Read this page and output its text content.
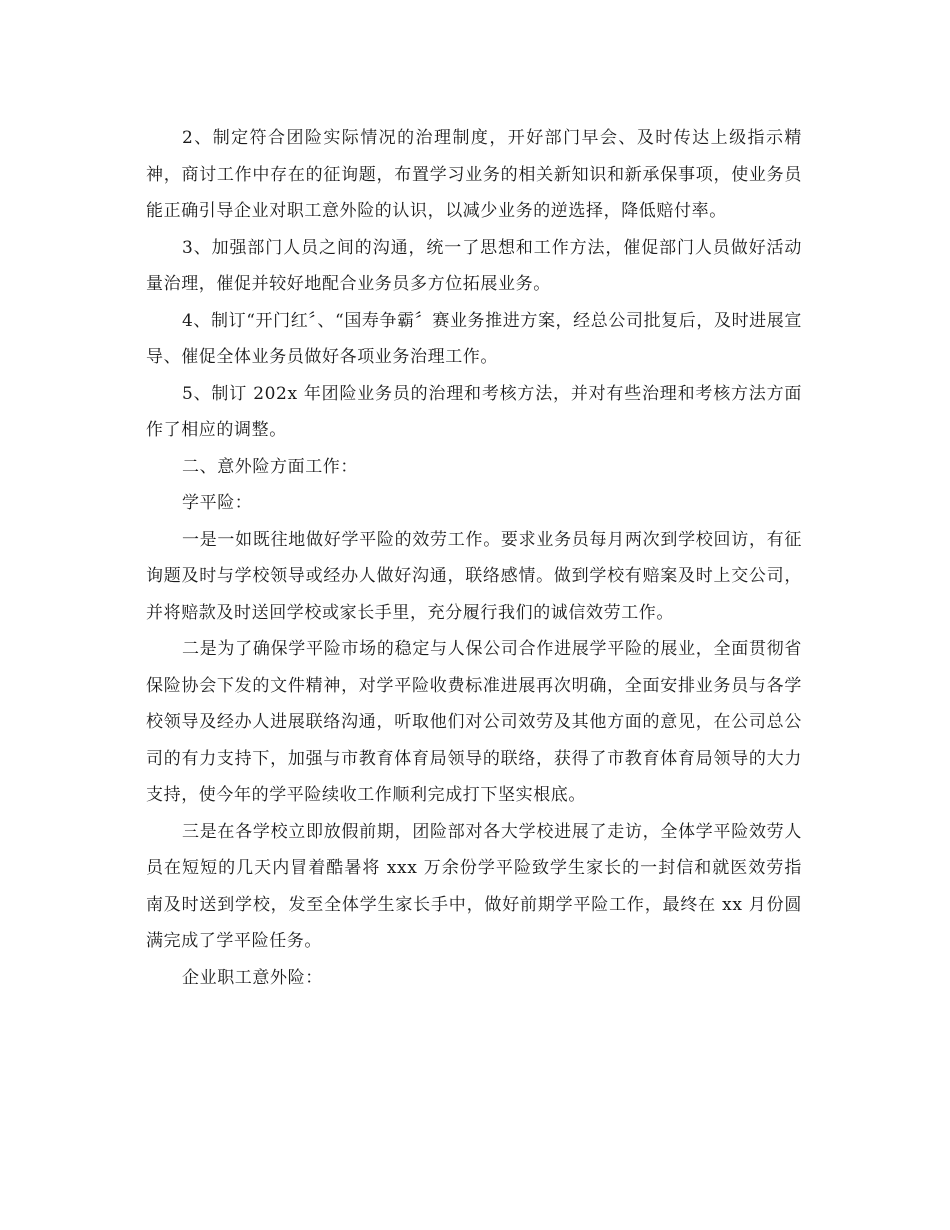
2、制定符合团险实际情况的治理制度，开好部门早会、及时传达上级指示精神，商讨工作中存在的征询题，布置学习业务的相关新知识和新承保事项，使业务员能正确引导企业对职工意外险的认识，以减少业务的逆选择，降低赔付率。

3、加强部门人员之间的沟通，统一了思想和工作方法，催促部门人员做好活动量治理，催促并较好地配合业务员多方位拓展业务。

4、制订“开门红〞、“国寿争霸〞赛业务推进方案，经总公司批复后，及时进展宣导、催促全体业务员做好各项业务治理工作。

5、制订 202x 年团险业务员的治理和考核方法，并对有些治理和考核方法方面作了相应的调整。

二、意外险方面工作：

学平险：

一是一如既往地做好学平险的效劳工作。要求业务员每月两次到学校回访，有征询题及时与学校领导或经办人做好沟通，联络感情。做到学校有赔案及时上交公司，并将赔款及时送回学校或家长手里，充分履行我们的诚信效劳工作。

二是为了确保学平险市场的稳定与人保公司合作进展学平险的展业，全面贯彻省保险协会下发的文件精神，对学平险收费标准进展再次明确，全面安排业务员与各学校领导及经办人进展联络沟通，听取他们对公司效劳及其他方面的意见，在公司总公司的有力支持下，加强与市教育体育局领导的联络，获得了市教育体育局领导的大力支持，使今年的学平险续收工作顺利完成打下坚实根底。

三是在各学校立即放假前期，团险部对各大学校进展了走访，全体学平险效劳人员在短短的几天内冒着酷暑将 xxx 万余份学平险致学生家长的一封信和就医效劳指南及时送到学校，发至全体学生家长手中，做好前期学平险工作，最终在 xx 月份圆满完成了学平险任务。

企业职工意外险：
